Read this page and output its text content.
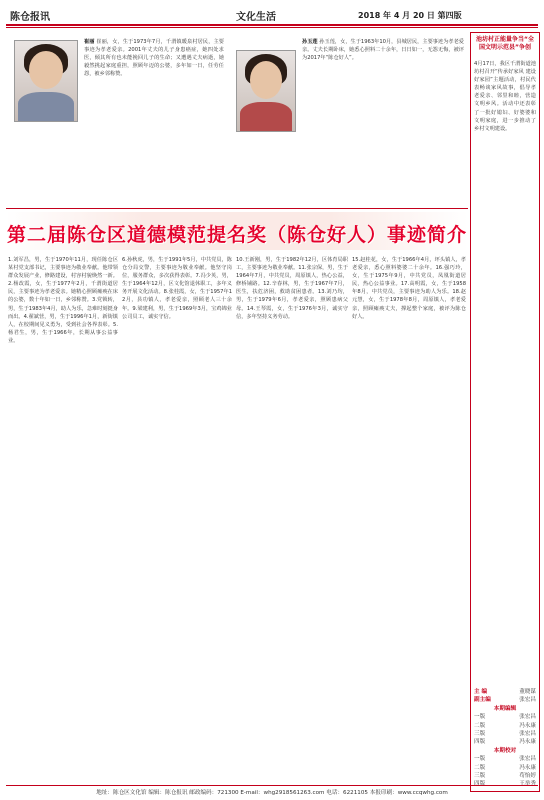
陈仓报讯	文化生活	2018 年 4 月 20 日 第四版
崔丽 崔丽，女，生于1973年7月，千渭镇暖泉村居民，主要事迹为孝老爱亲。2001年丈夫的儿子身患癌症，她四处求医，倾其所有也未能挽回儿子的生命；又遭遇丈夫病逝，她毅然挑起家庭重担，照顾年迈的公婆，多年如一日，任劳任怨，被乡邻称赞。
孙玉莲 孙玉莲，女，生于1963年10月，县城居民，主要事迹为孝老爱亲。丈夫长期卧床，她悉心照料二十余年，日日如一，无怨无悔，被评为2017年“陈仓好人”。
第二届陈仓区道德模范提名奖（陈仓好人）事迹简介
1.刘军昌，男，生于1970年11月，现任陈仓区某村党支部书记，主要事迹为敬业奉献。他带领群众发展产业，修路建设，村容村貌焕然一新。2.杨改霞，女，生于1977年2月，千渭街道居民，主要事迹为孝老爱亲。她精心照顾瘫痪在床的公婆，数十年如一日，乡邻称赞。3.党锁转，男，生于1983年4月，助人为乐，急难时刻挺身而出。4.翟斌营，男，生于1996年1月，新街镇人，在校期间见义勇为，受到社会各界表彰。5.杨君生，男，生于1966年，长期从事公益事业。
6.孙秋虎，男，生于1991年5月，中共党员，陈仓分局交警，主要事迹为敬业奉献。他坚守岗位，服务群众，多次获得表彰。7.冯少英，男，生于1964年12月，区文化馆退休职工，多年义务开展文化活动。8.张桂霞，女，生于1957年12月，县功镇人，孝老爱亲，照顾老人三十余年。9.梁建利，男，生于1969年3月，宝鸡锦业公司员工，诚实守信。
10.王新刚，男，生于1982年12月，区体育局职工，主要事迹为敬业奉献。11.张宗保，男，生于1964年7月，中共党员，周原镇人，热心公益，修桥铺路。12.辛春林，男，生于1967年7月，医生，扶危济困，救助贫困患者。13.刘乃均，男，生于1979年6月，孝老爱亲，照顾患病父母。14.王琴霞，女，生于1976年3月，诚实守信，多年坚持义务劳动。
15.赵桂花，女，生于1966年4月，坪头镇人，孝老爱亲，悉心照料婆婆二十余年。16.强巧玲，女，生于1975年9月，中共党员，凤凰街道居民，热心公益事业。17.高明霞，女，生于1958年8月，中共党员，主要事迹为助人为乐。18.赵元慧，女，生于1978年8月，周原镇人，孝老爱亲，照顾瘫痪丈夫，撑起整个家庭，被评为陈仓好人。
池坊村正能量争当“全国文明示范县”争创
4月17日，我区千渭街道池坊村召开“传承好家风 建设好家园”主题活动，村民代表畅谈家风故事，倡导孝老爱亲、邻里和睦，营造文明乡风。活动中还表彰了一批好媳妇、好婆婆和文明家庭，进一步推动了乡村文明建设。
主 编	董晓谋
副主编	张宏昌
本期编辑
一版	张宏昌
二版	冯永康
三版	张宏昌
四版	冯永康
本期校对
一版	张宏昌
二版	冯永康
三版	苟怡婷
四版	王举秀
地址：陈仓区文化馆 编辑：陈仓报讯 邮政编码：721300 E-mail：whg2918561263.com 电话：6221105 本报印刷：www.ccqwhg.com
